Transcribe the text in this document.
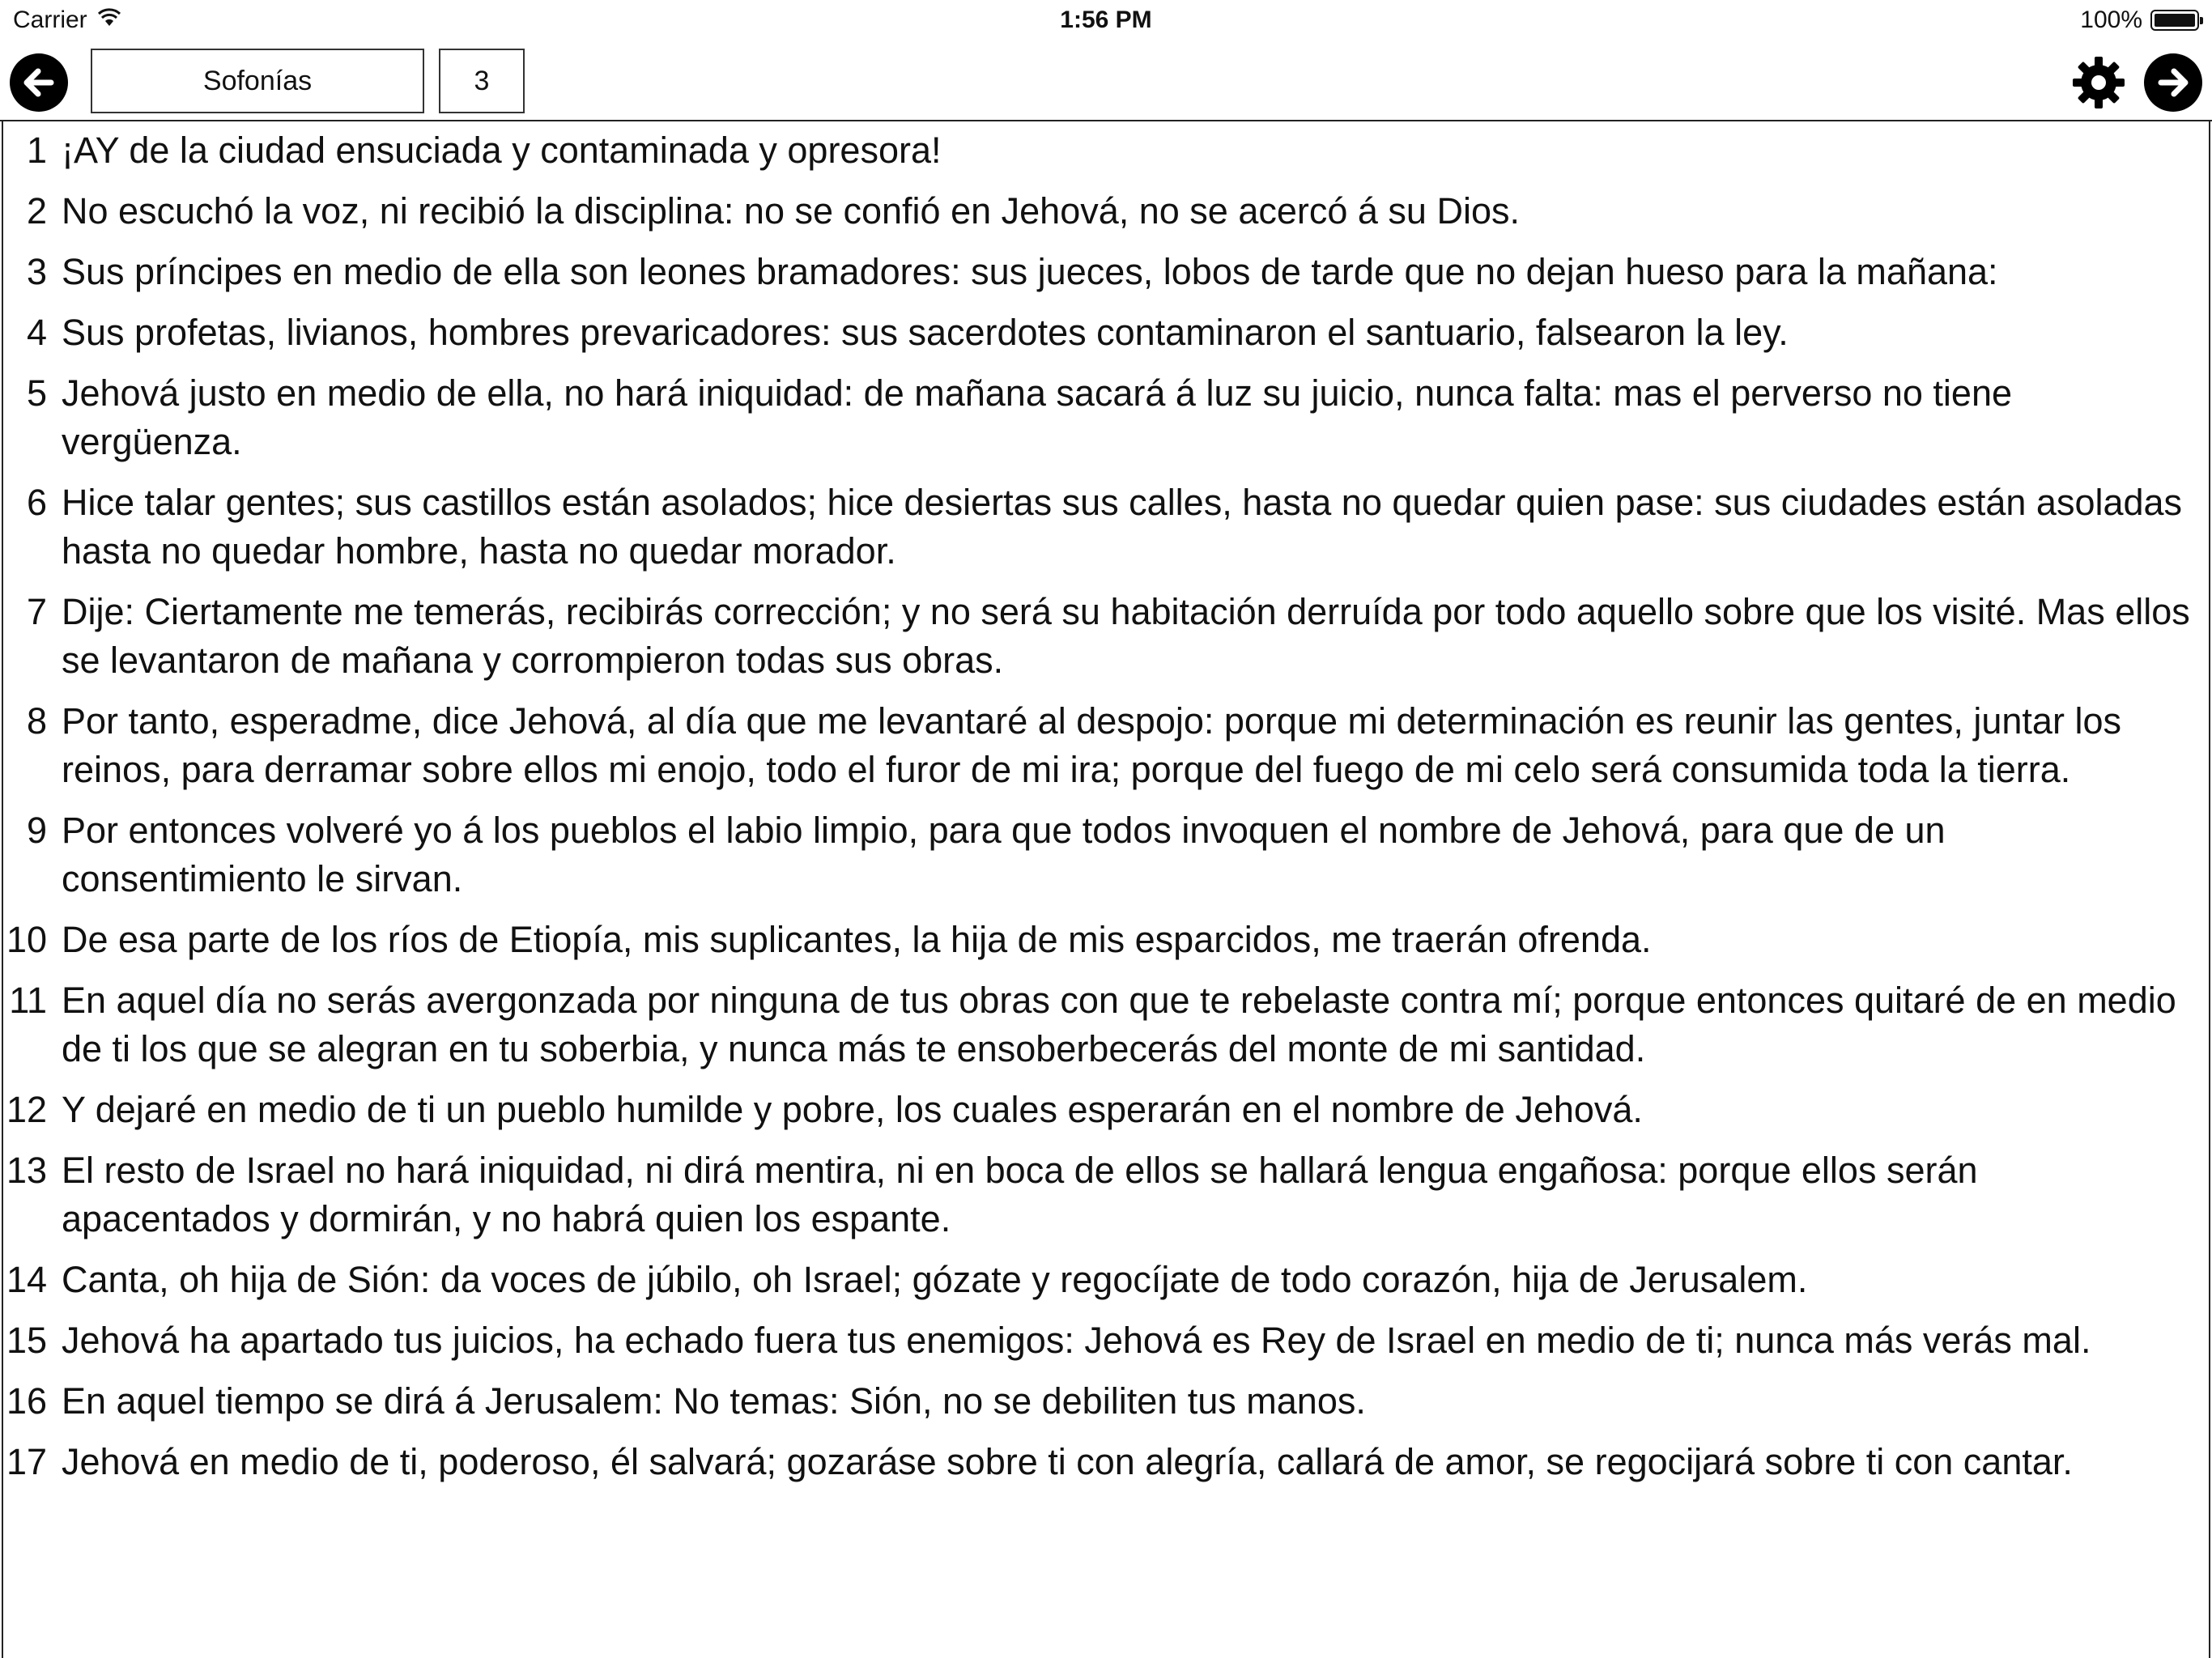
Carrier	1:56 PM	100%
Sofonías	3
1 ¡AY de la ciudad ensuciada y contaminada y opresora!
2 No escuchó la voz, ni recibió la disciplina: no se confió en Jehová, no se acercó á su Dios.
3 Sus príncipes en medio de ella son leones bramadores: sus jueces, lobos de tarde que no dejan hueso para la mañana:
4 Sus profetas, livianos, hombres prevaricadores: sus sacerdotes contaminaron el santuario, falsearon la ley.
5 Jehová justo en medio de ella, no hará iniquidad: de mañana sacará á luz su juicio, nunca falta: mas el perverso no tiene vergüenza.
6 Hice talar gentes; sus castillos están asolados; hice desiertas sus calles, hasta no quedar quien pase: sus ciudades están asoladas hasta no quedar hombre, hasta no quedar morador.
7 Dije: Ciertamente me temerás, recibirás corrección; y no será su habitación derruída por todo aquello sobre que los visité. Mas ellos se levantaron de mañana y corrompieron todas sus obras.
8 Por tanto, esperadme, dice Jehová, al día que me levantaré al despojo: porque mi determinación es reunir las gentes, juntar los reinos, para derramar sobre ellos mi enojo, todo el furor de mi ira; porque del fuego de mi celo será consumida toda la tierra.
9 Por entonces volveré yo á los pueblos el labio limpio, para que todos invoquen el nombre de Jehová, para que de un consentimiento le sirvan.
10 De esa parte de los ríos de Etiopía, mis suplicantes, la hija de mis esparcidos, me traerán ofrenda.
11 En aquel día no serás avergonzada por ninguna de tus obras con que te rebelaste contra mí; porque entonces quitaré de en medio de ti los que se alegran en tu soberbia, y nunca más te ensoberbecerás del monte de mi santidad.
12 Y dejaré en medio de ti un pueblo humilde y pobre, los cuales esperarán en el nombre de Jehová.
13 El resto de Israel no hará iniquidad, ni dirá mentira, ni en boca de ellos se hallará lengua engañosa: porque ellos serán apacentados y dormirán, y no habrá quien los espante.
14 Canta, oh hija de Sión: da voces de júbilo, oh Israel; gózate y regocíjate de todo corazón, hija de Jerusalem.
15 Jehová ha apartado tus juicios, ha echado fuera tus enemigos: Jehová es Rey de Israel en medio de ti; nunca más verás mal.
16 En aquel tiempo se dirá á Jerusalem: No temas: Sión, no se debiliten tus manos.
17 Jehová en medio de ti, poderoso, él salvará; gozaráse sobre ti con alegría, callará de amor, se regocijará sobre ti con cantar.
